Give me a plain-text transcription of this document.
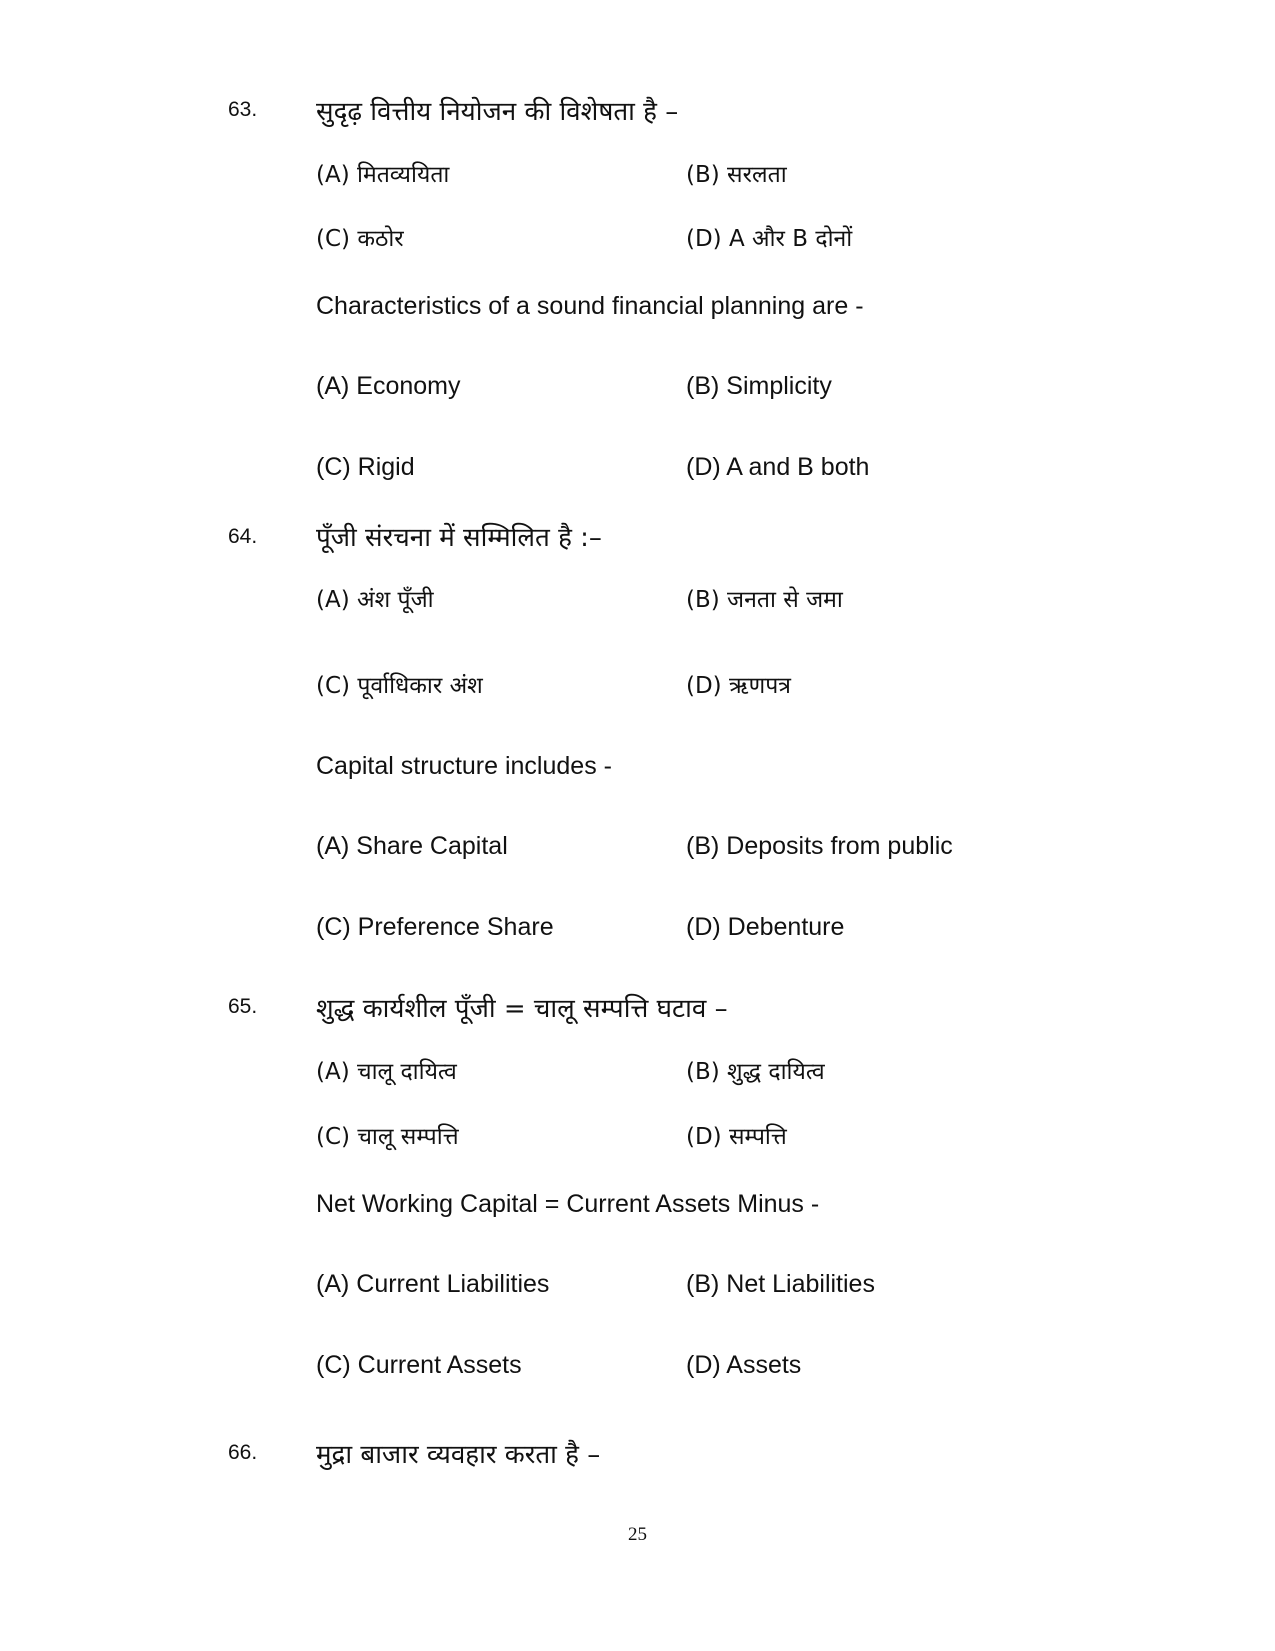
63. सुदृढ़ वित्तीय नियोजन की विशेषता है –
(A) मितव्ययिता	(B) सरलता
(C) कठोर	(D) A और B दोनों
Characteristics of a sound financial planning are -
(A) Economy	(B) Simplicity
(C) Rigid	(D) A and B both
64. पूँजी संरचना में सम्मिलित है :–
(A) अंश पूँजी	(B) जनता से जमा
(C) पूर्वाधिकार अंश	(D) ऋणपत्र
Capital structure includes -
(A) Share Capital	(B) Deposits from public
(C) Preference Share	(D) Debenture
65. शुद्ध कार्यशील पूँजी = चालू सम्पत्ति घटाव –
(A) चालू दायित्व	(B) शुद्ध दायित्व
(C) चालू सम्पत्ति	(D) सम्पत्ति
Net Working Capital = Current Assets Minus -
(A) Current Liabilities	(B) Net Liabilities
(C) Current Assets	(D) Assets
66. मुद्रा बाजार व्यवहार करता है –
25
